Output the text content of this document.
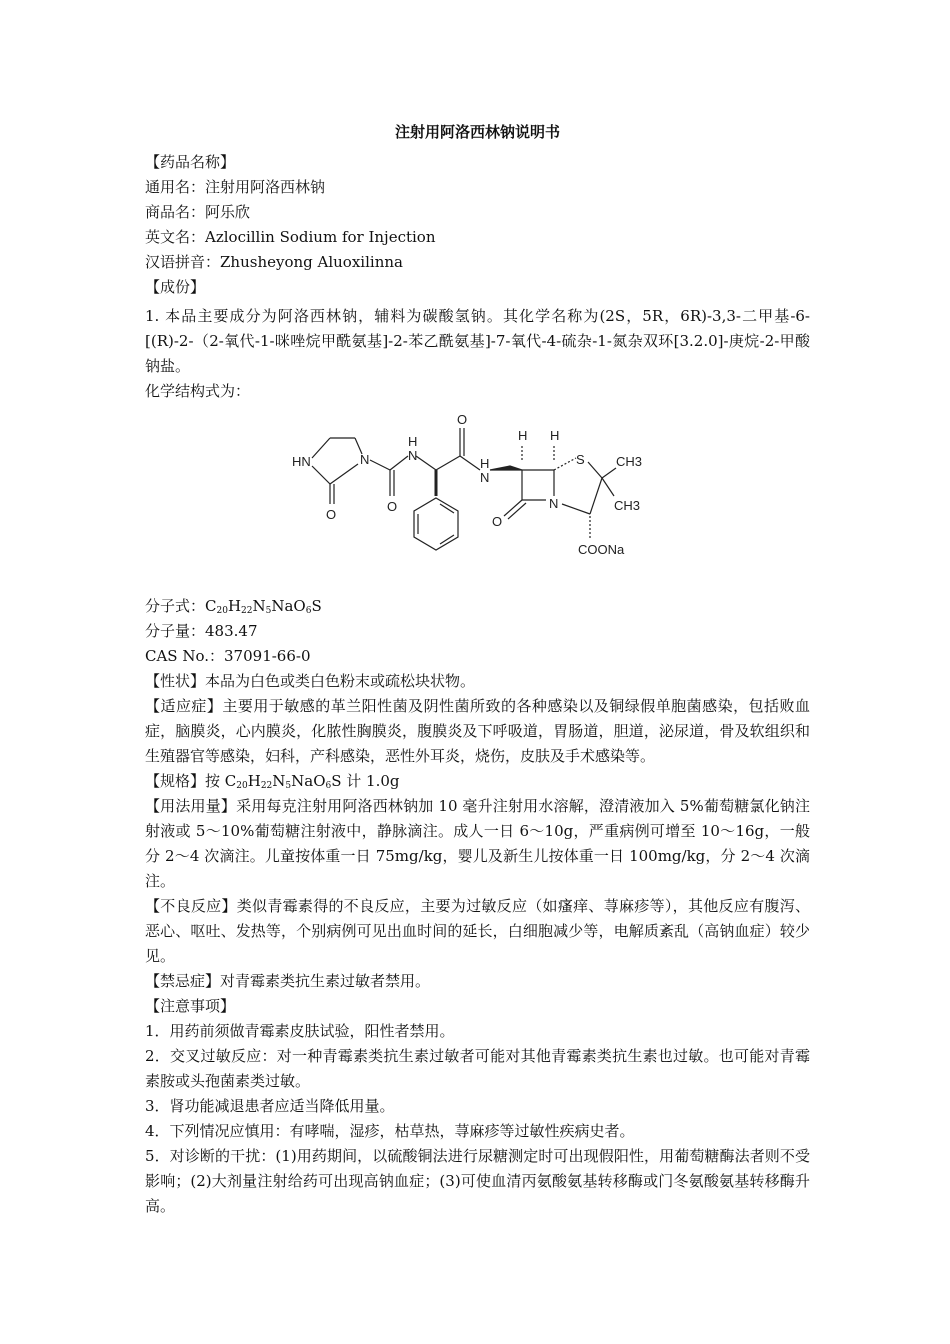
注射用阿洛西林钠说明书

【药品名称】

通用名：注射用阿洛西林钠

商品名：阿乐欣

英文名：Azlocillin Sodium for Injection

汉语拼音：Zhusheyong Aluoxilinna

【成份】

1. 本品主要成分为阿洛西林钠，辅料为碳酸氢钠。其化学名称为(2S，5R，6R)-3,3-二甲基-6-[(R)-2-（2-氧代-1-咪唑烷甲酰氨基]-2-苯乙酰氨基]-7-氧代-4-硫杂-1-氮杂双环[3.2.0]-庚烷-2-甲酸钠盐。

化学结构式为：

HN
O
N
H
N
O
O
H
N
H H
S CH3
N	CH3
O
COONa

分子式：$C_{20}H_{22}N_5NaO_6S$

分子量：483.47

CAS No.：37091-66-0

【性状】本品为白色或类白色粉末或疏松块状物。

【适应症】主要用于敏感的革兰阳性菌及阴性菌所致的各种感染以及铜绿假单胞菌感染，包括败血症，脑膜炎，心内膜炎，化脓性胸膜炎，腹膜炎及下呼吸道，胃肠道，胆道，泌尿道，骨及软组织和生殖器官等感染，妇科，产科感染，恶性外耳炎，烧伤，皮肤及手术感染等。

【规格】按 $C_{20}H_{22}N_5NaO_6S$ 计 1.0g

【用法用量】采用每克注射用阿洛西林钠加 10 毫升注射用水溶解，澄清液加入 5%葡萄糖氯化钠注射液或 5～10%葡萄糖注射液中，静脉滴注。成人一日 6～10g，严重病例可增至 10～16g，一般分 2～4 次滴注。儿童按体重一日 75mg/kg，婴儿及新生儿按体重一日 100mg/kg，分 2～4 次滴注。

【不良反应】类似青霉素得的不良反应，主要为过敏反应（如瘙痒、荨麻疹等），其他反应有腹泻、恶心、呕吐、发热等，个别病例可见出血时间的延长，白细胞减少等，电解质紊乱（高钠血症）较少见。

【禁忌症】对青霉素类抗生素过敏者禁用。

【注意事项】

1．用药前须做青霉素皮肤试验，阳性者禁用。

2．交叉过敏反应：对一种青霉素类抗生素过敏者可能对其他青霉素类抗生素也过敏。也可能对青霉素胺或头孢菌素类过敏。

3．肾功能减退患者应适当降低用量。

4．下列情况应慎用：有哮喘，湿疹，枯草热，荨麻疹等过敏性疾病史者。

5．对诊断的干扰：(1)用药期间，以硫酸铜法进行尿糖测定时可出现假阳性，用葡萄糖酶法者则不受影响；(2)大剂量注射给药可出现高钠血症；(3)可使血清丙氨酸氨基转移酶或门冬氨酸氨基转移酶升高。
